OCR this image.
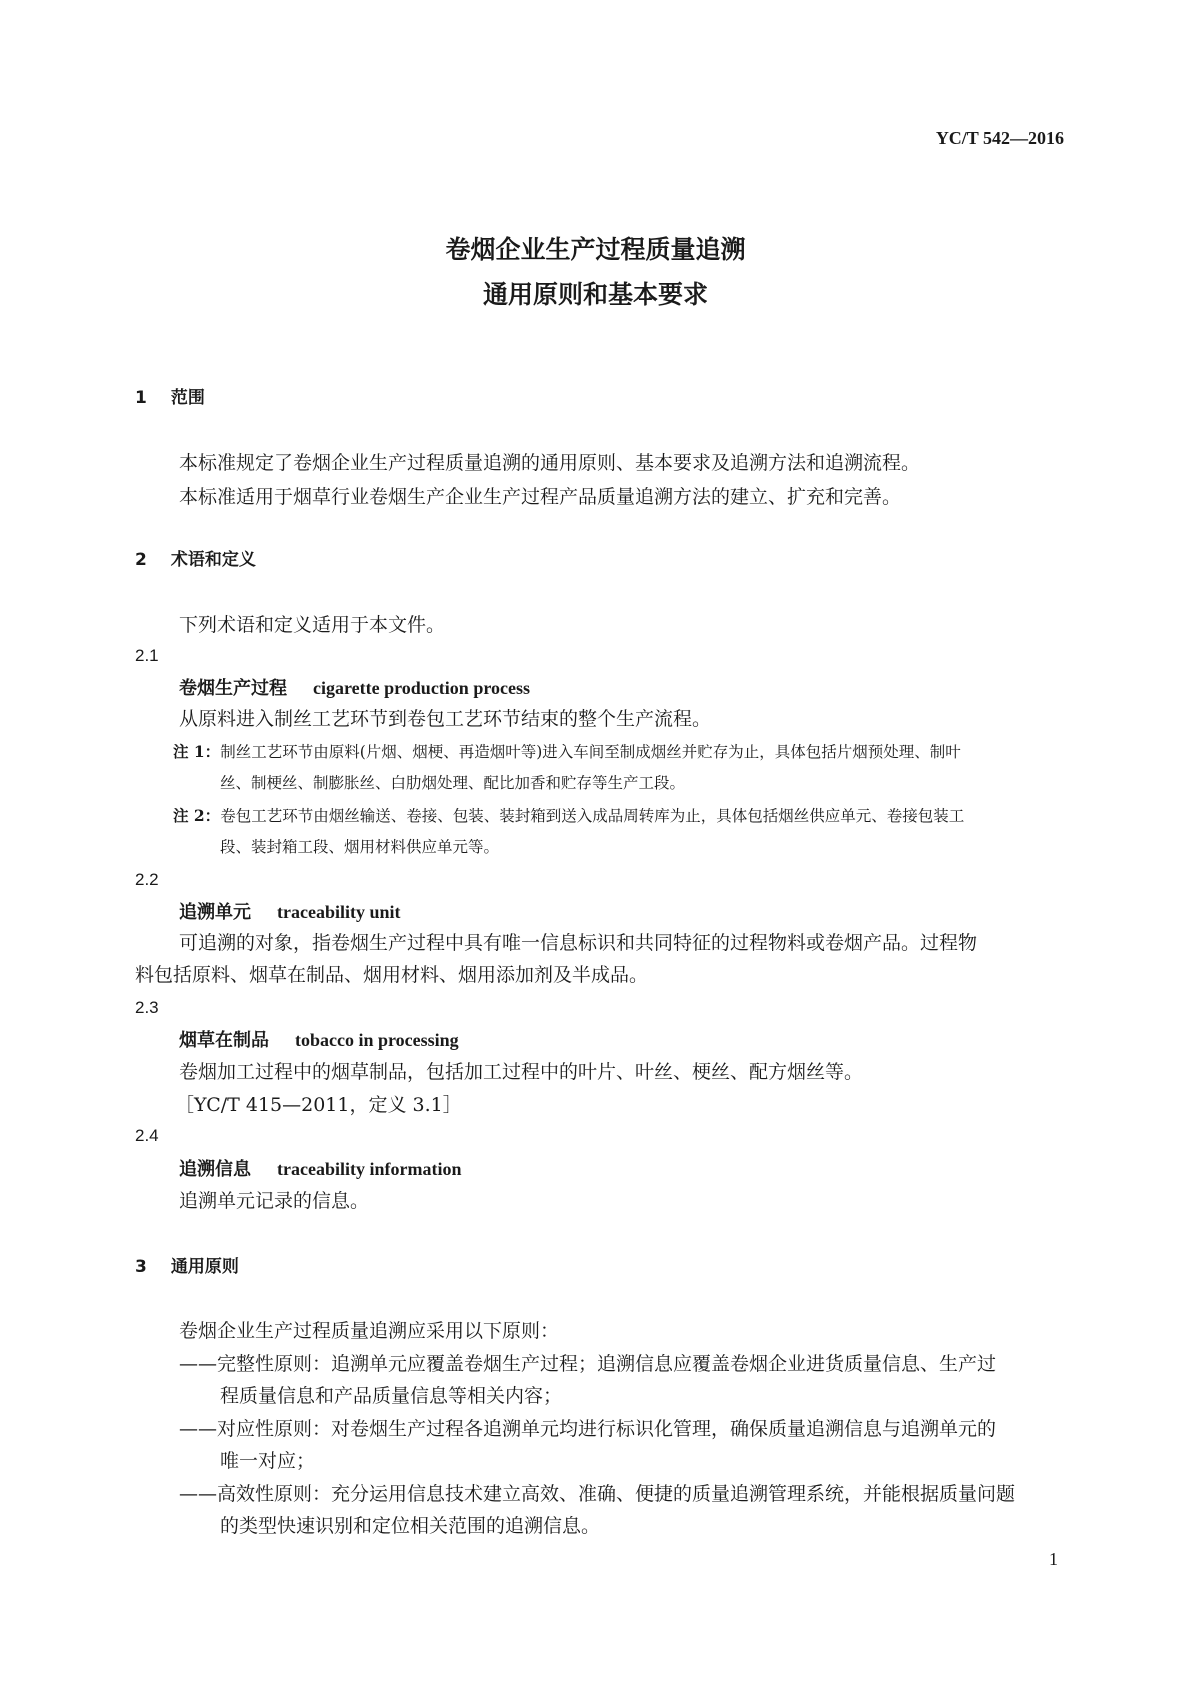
YC/T 542—2016
卷烟企业生产过程质量追溯
通用原则和基本要求
1 范围
本标准规定了卷烟企业生产过程质量追溯的通用原则、基本要求及追溯方法和追溯流程。
本标准适用于烟草行业卷烟生产企业生产过程产品质量追溯方法的建立、扩充和完善。
2 术语和定义
下列术语和定义适用于本文件。
2.1
卷烟生产过程 cigarette production process
从原料进入制丝工艺环节到卷包工艺环节结束的整个生产流程。
注 1：制丝工艺环节由原料(片烟、烟梗、再造烟叶等)进入车间至制成烟丝并贮存为止，具体包括片烟预处理、制叶
丝、制梗丝、制膨胀丝、白肋烟处理、配比加香和贮存等生产工段。
注 2：卷包工艺环节由烟丝输送、卷接、包装、装封箱到送入成品周转库为止，具体包括烟丝供应单元、卷接包装工
段、装封箱工段、烟用材料供应单元等。
2.2
追溯单元 traceability unit
可追溯的对象，指卷烟生产过程中具有唯一信息标识和共同特征的过程物料或卷烟产品。过程物
料包括原料、烟草在制品、烟用材料、烟用添加剂及半成品。
2.3
烟草在制品 tobacco in processing
卷烟加工过程中的烟草制品，包括加工过程中的叶片、叶丝、梗丝、配方烟丝等。
［YC/T 415—2011，定义 3.1］
2.4
追溯信息 traceability information
追溯单元记录的信息。
3 通用原则
卷烟企业生产过程质量追溯应采用以下原则：
——完整性原则：追溯单元应覆盖卷烟生产过程；追溯信息应覆盖卷烟企业进货质量信息、生产过
程质量信息和产品质量信息等相关内容；
——对应性原则：对卷烟生产过程各追溯单元均进行标识化管理，确保质量追溯信息与追溯单元的
唯一对应；
——高效性原则：充分运用信息技术建立高效、准确、便捷的质量追溯管理系统，并能根据质量问题
的类型快速识别和定位相关范围的追溯信息。
1
